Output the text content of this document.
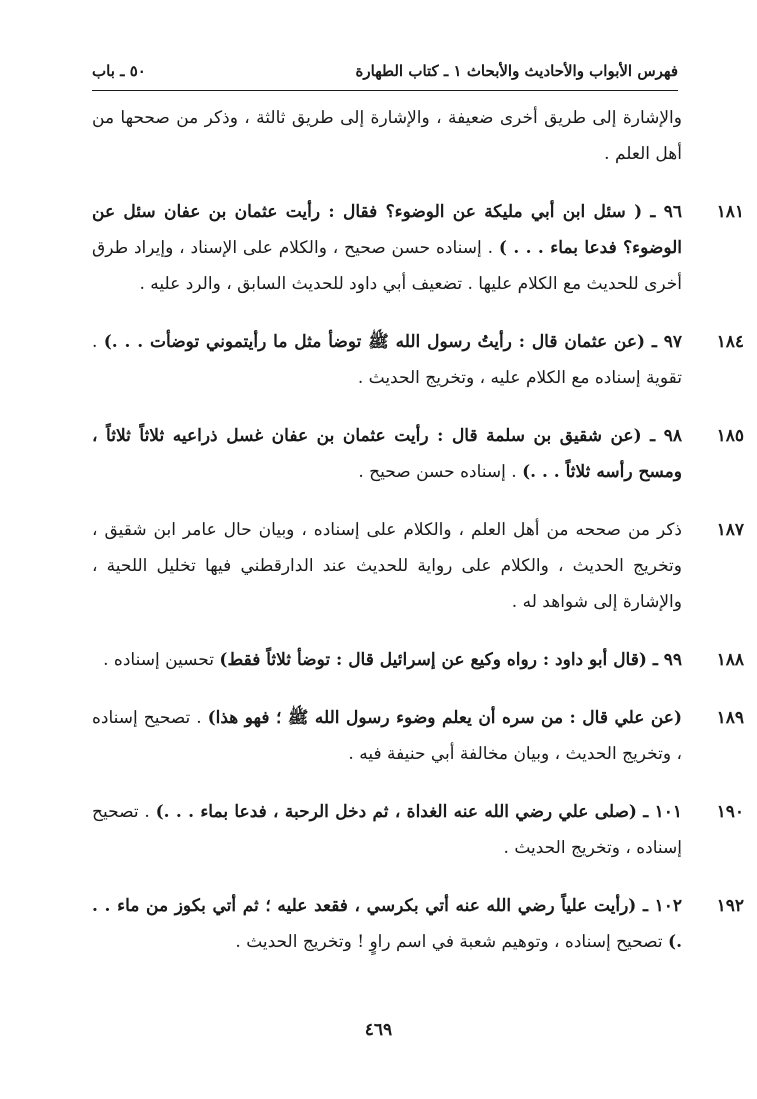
فهرس الأبواب والأحاديث والأبحاث ١ ـ كتاب الطهارة
٥٠ ـ باب
والإشارة إلى طريق أخرى ضعيفة ، والإشارة إلى طريق ثالثة ، وذكر من صححها من أهل العلم .
١٨١
٩٦ ـ ( سئل ابن أبي مليكة عن الوضوء؟ فقال : رأيت عثمان بن عفان سئل عن الوضوء؟ فدعا بماء . . . ) . إسناده حسن صحيح ، والكلام على الإسناد ، وإيراد طرق أخرى للحديث مع الكلام عليها . تضعيف أبي داود للحديث السابق ، والرد عليه .
١٨٤
٩٧ ـ (عن عثمان قال : رأيتُ رسول الله ﷺ توضأ مثل ما رأيتموني توضأت . . .) . تقوية إسناده مع الكلام عليه ، وتخريج الحديث .
١٨٥
٩٨ ـ (عن شقيق بن سلمة قال : رأيت عثمان بن عفان غسل ذراعيه ثلاثاً ثلاثاً ، ومسح رأسه ثلاثاً . . .) . إسناده حسن صحيح .
١٨٧
ذكر من صححه من أهل العلم ، والكلام على إسناده ، وبيان حال عامر ابن شقيق ، وتخريج الحديث ، والكلام على رواية للحديث عند الدارقطني فيها تخليل اللحية ، والإشارة إلى شواهد له .
١٨٨
٩٩ ـ (قال أبو داود : رواه وكيع عن إسرائيل قال : توضأ ثلاثاً فقط) تحسين إسناده .
١٨٩
(عن علي قال : من سره أن يعلم وضوء رسول الله ﷺ ؛ فهو هذا) . تصحيح إسناده ، وتخريج الحديث ، وبيان مخالفة أبي حنيفة فيه .
١٩٠
١٠١ ـ (صلى علي رضي الله عنه الغداة ، ثم دخل الرحبة ، فدعا بماء . . .) . تصحيح إسناده ، وتخريج الحديث .
١٩٢
١٠٢ ـ (رأيت علياً رضي الله عنه أتي بكرسي ، فقعد عليه ؛ ثم أتي بكوز من ماء . . .) تصحيح إسناده ، وتوهيم شعبة في اسم راوٍ ! وتخريج الحديث .
٤٦٩
